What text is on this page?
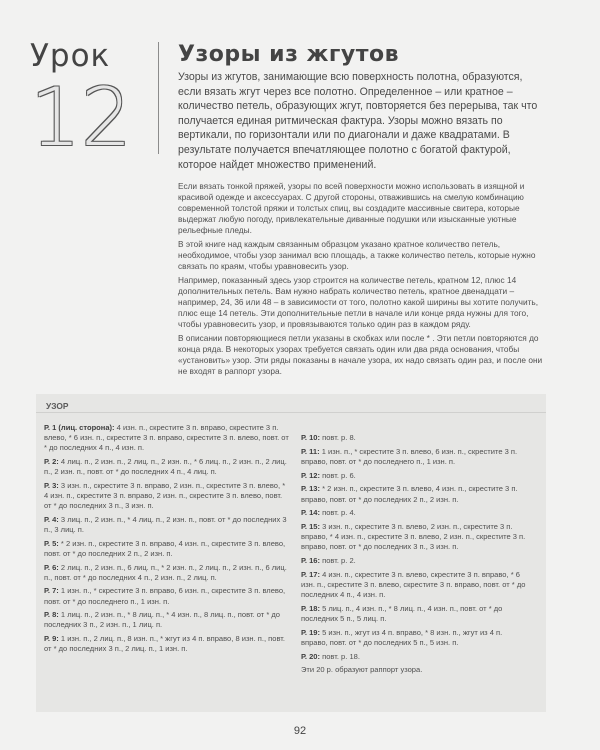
Урок
12
Узоры из жгутов
Узоры из жгутов, занимающие всю поверхность полотна, образуются, если вязать жгут через все полотно. Определенное – или кратное – количество петель, образующих жгут, повторяется без перерыва, так что получается единая ритмическая фактура. Узоры можно вязать по вертикали, по горизонтали или по диагонали и даже квадратами. В результате получается впечатляющее полотно с богатой фактурой, которое найдет множество применений.

Если вязать тонкой пряжей, узоры по всей поверхности можно использовать в изящной и красивой одежде и аксессуарах. С другой стороны, отважившись на смелую комбинацию современной толстой пряжи и толстых спиц, вы создадите массивные свитера, которые выдержат любую погоду, привлекательные диванные подушки или изысканные уютные рельефные пледы.

В этой книге над каждым связанным образцом указано кратное количество петель, необходимое, чтобы узор занимал всю площадь, а также количество петель, которые нужно связать по краям, чтобы уравновесить узор.

Например, показанный здесь узор строится на количестве петель, кратном 12, плюс 14 дополнительных петель. Вам нужно набрать количество петель, кратное двенадцати – например, 24, 36 или 48 – в зависимости от того, полотно какой ширины вы хотите получить, плюс еще 14 петель. Эти дополнительные петли в начале или конце ряда нужны для того, чтобы уравновесить узор, и провязываются только один раз в каждом ряду.

В описании повторяющиеся петли указаны в скобках или после * . Эти петли повторяются до конца ряда. В некоторых узорах требуется связать один или два ряда основания, чтобы «установить» узор. Эти ряды показаны в начале узора, их надо связать один раз, и после они не входят в раппорт узора.

УЗОР

Р. 1 (лиц. сторона): 4 изн. п., скрестите 3 п. вправо, скрестите 3 п. влево, * 6 изн. п., скрестите 3 п. вправо, скрестите 3 п. влево, повт. от * до последних 4 п., 4 изн. п.

Р. 2: 4 лиц. п., 2 изн. п., 2 лиц. п., 2 изн. п., * 6 лиц. п., 2 изн. п., 2 лиц. п., 2 изн. п., повт. от * до последних 4 п., 4 лиц. п.

Р. 3: 3 изн. п., скрестите 3 п. вправо, 2 изн. п., скрестите 3 п. влево, * 4 изн. п., скрестите 3 п. вправо, 2 изн. п., скрестите 3 п. влево, повт. от * до последних 3 п., 3 изн. п.

Р. 4: 3 лиц. п., 2 изн. п., * 4 лиц. п., 2 изн. п., повт. от * до последних 3 п., 3 лиц. п.

Р. 5: * 2 изн. п., скрестите 3 п. вправо, 4 изн. п., скрестите 3 п. влево, повт. от * до последних 2 п., 2 изн. п.

Р. 6: 2 лиц. п., 2 изн. п., 6 лиц. п., * 2 изн. п., 2 лиц. п., 2 изн. п., 6 лиц. п., повт. от * до последних 4 п., 2 изн. п., 2 лиц. п.

Р. 7: 1 изн. п., * скрестите 3 п. вправо, 6 изн. п., скрестите 3 п. влево, повт. от * до последнего п., 1 изн. п.

Р. 8: 1 лиц. п., 2 изн. п., * 8 лиц. п., * 4 изн. п., 8 лиц. п., повт. от * до последних 3 п., 2 изн. п., 1 лиц. п.

Р. 9: 1 изн. п., 2 лиц. п., 8 изн. п., * жгут из 4 п. вправо, 8 изн. п., повт. от * до последних 3 п., 2 лиц. п., 1 изн. п.

Р. 10: повт. р. 8.

Р. 11: 1 изн. п., * скрестите 3 п. влево, 6 изн. п., скрестите 3 п. вправо, повт. от * до последнего п., 1 изн. п.

Р. 12: повт. р. 6.

Р. 13: * 2 изн. п., скрестите 3 п. влево, 4 изн. п., скрестите 3 п. вправо, повт. от * до последних 2 п., 2 изн. п.

Р. 14: повт. р. 4.

Р. 15: 3 изн. п., скрестите 3 п. влево, 2 изн. п., скрестите 3 п. вправо, * 4 изн. п., скрестите 3 п. влево, 2 изн. п., скрестите 3 п. вправо, повт. от * до последних 3 п., 3 изн. п.

Р. 16: повт. р. 2.

Р. 17: 4 изн. п., скрестите 3 п. влево, скрестите 3 п. вправо, * 6 изн. п., скрестите 3 п. влево, скрестите 3 п. вправо, повт. от * до последних 4 п., 4 изн. п.

Р. 18: 5 лиц. п., 4 изн. п., * 8 лиц. п., 4 изн. п., повт. от * до последних 5 п., 5 лиц. п.

Р. 19: 5 изн. п., жгут из 4 п. вправо, * 8 изн. п., жгут из 4 п. вправо, повт. от * до последних 5 п., 5 изн. п.

Р. 20: повт. р. 18.

Эти 20 р. образуют раппорт узора.

92
